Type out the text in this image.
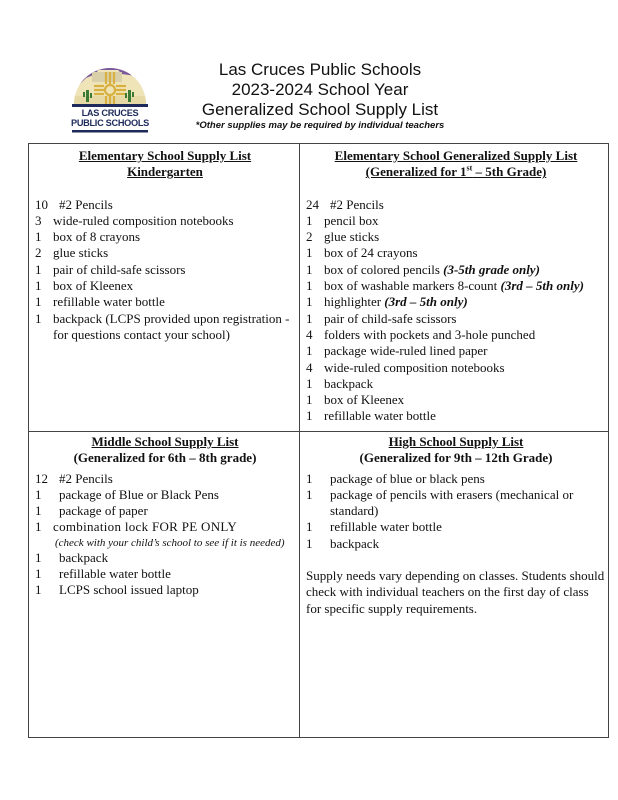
LAS CRUCES
PUBLIC SCHOOLS
Las Cruces Public Schools
2023-2024 School Year
Generalized School Supply List
*Other supplies may be required by individual teachers
Elementary School Supply List
Kindergarten
10 #2 Pencils
3 wide-ruled composition notebooks
1 box of 8 crayons
2 glue sticks
1 pair of child-safe scissors
1 box of Kleenex
1 refillable water bottle
1 backpack (LCPS provided upon registration - for questions contact your school)
Elementary School Generalized Supply List
(Generalized for 1st – 5th Grade)
24 #2 Pencils
1 pencil box
2 glue sticks
1 box of 24 crayons
1 box of colored pencils (3-5th grade only)
1 box of washable markers 8-count (3rd – 5th only)
1 highlighter (3rd – 5th only)
1 pair of child-safe scissors
4 folders with pockets and 3-hole punched
1 package wide-ruled lined paper
4 wide-ruled composition notebooks
1 backpack
1 box of Kleenex
1 refillable water bottle
Middle School Supply List
(Generalized for 6th – 8th grade)
12 #2 Pencils
1	package of Blue or Black Pens
1	package of paper
1 combination lock FOR PE ONLY
(check with your child’s school to see if it is needed)
1	backpack
1	refillable water bottle
1	LCPS school issued laptop
High School Supply List
(Generalized for 9th – 12th Grade)
1	package of blue or black pens
1	package of pencils with erasers (mechanical or standard)
1	refillable water bottle
1	backpack
Supply needs vary depending on classes. Students should check with individual teachers on the first day of class for specific supply requirements.
